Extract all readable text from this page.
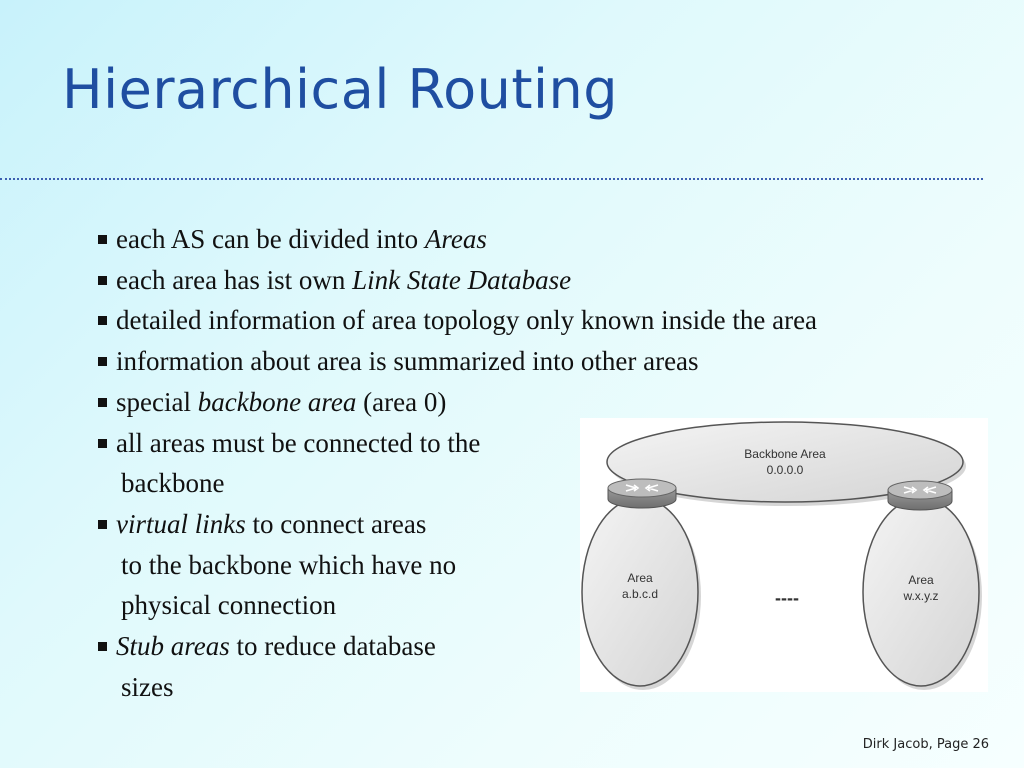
Hierarchical Routing
each AS can be divided into Areas
each area has ist own Link State Database
detailed information of area topology only known inside the area
information about area is summarized into other areas
special backbone area (area 0)
all areas must be connected to the
backbone
virtual links to connect areas
to the backbone which have no
physical connection
Stub areas to reduce database
sizes
Area
a.b.c.d
Area
w.x.y.z
Backbone Area
0.0.0.0
----
Dirk Jacob, Page 26
